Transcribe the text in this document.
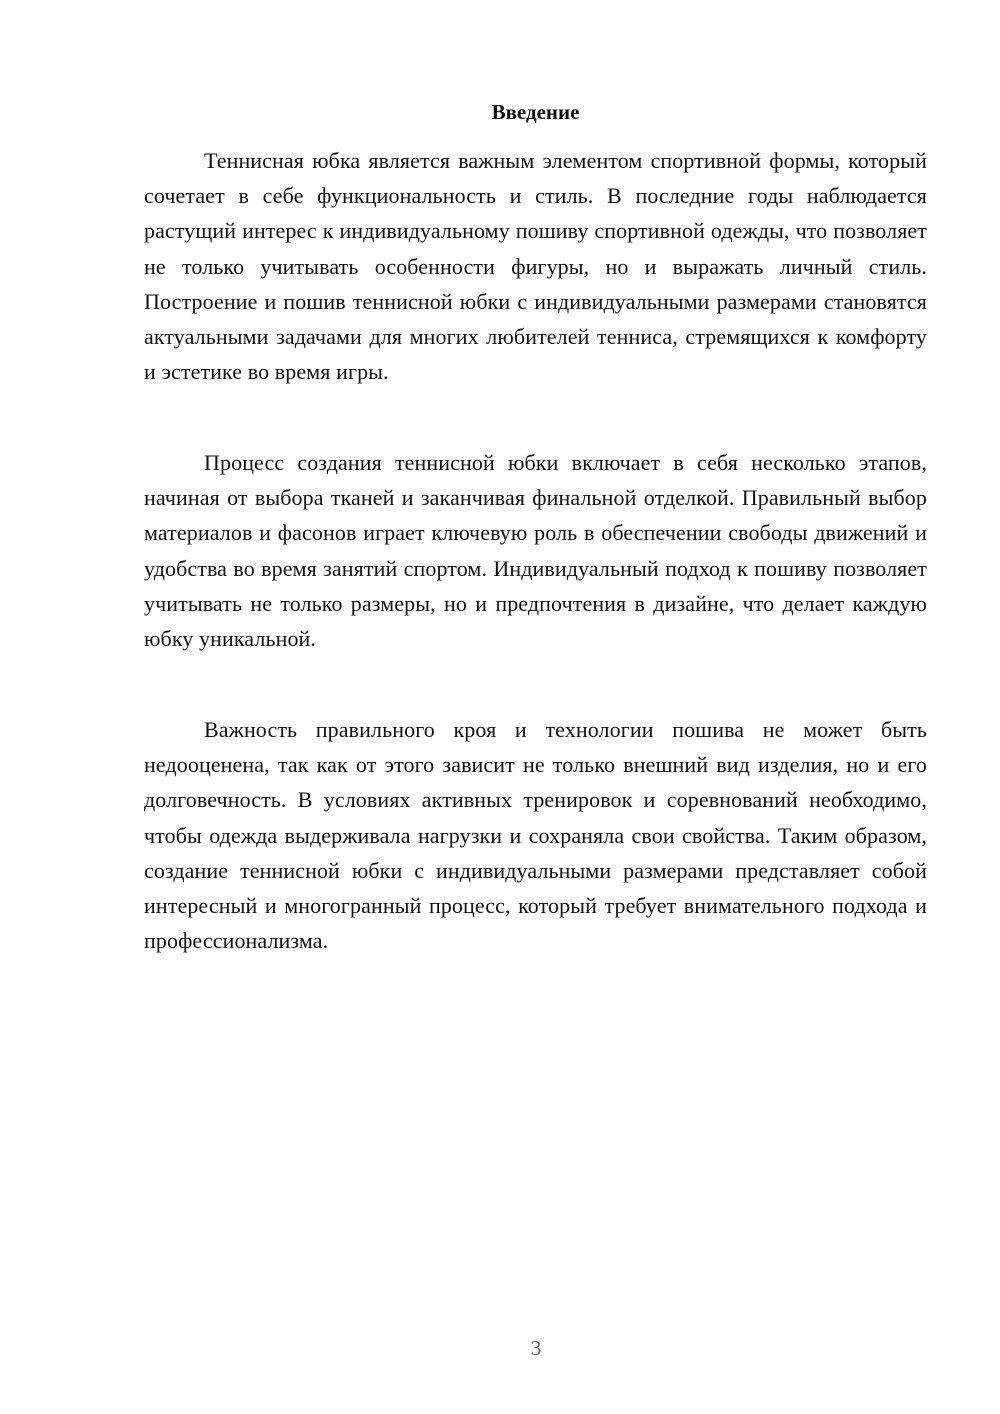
Введение

Теннисная юбка является важным элементом спортивной формы, который сочетает в себе функциональность и стиль. В последние годы наблюдается растущий интерес к индивидуальному пошиву спортивной одежды, что позволяет не только учитывать особенности фигуры, но и выражать личный стиль. Построение и пошив теннисной юбки с индивидуальными размерами становятся актуальными задачами для многих любителей тенниса, стремящихся к комфорту и эстетике во время игры.

Процесс создания теннисной юбки включает в себя несколько этапов, начиная от выбора тканей и заканчивая финальной отделкой. Правильный выбор материалов и фасонов играет ключевую роль в обеспечении свободы движений и удобства во время занятий спортом. Индивидуальный подход к пошиву позволяет учитывать не только размеры, но и предпочтения в дизайне, что делает каждую юбку уникальной.

Важность правильного кроя и технологии пошива не может быть недооценена, так как от этого зависит не только внешний вид изделия, но и его долговечность. В условиях активных тренировок и соревнований необходимо, чтобы одежда выдерживала нагрузки и сохраняла свои свойства. Таким образом, создание теннисной юбки с индивидуальными размерами представляет собой интересный и многогранный процесс, который требует внимательного подхода и профессионализма.

3
